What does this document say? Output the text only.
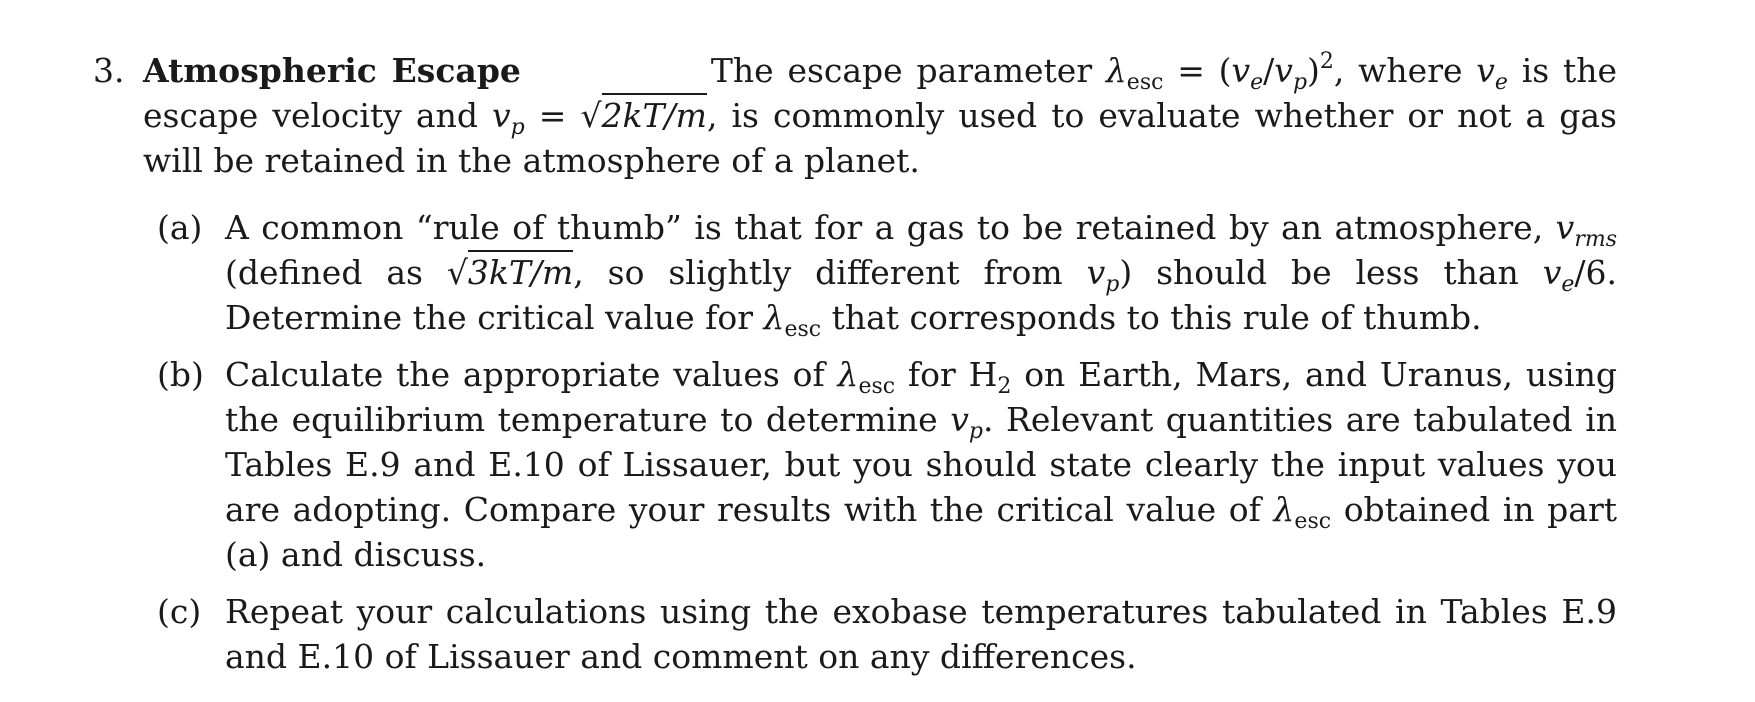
3. Atmospheric Escape	The escape parameter $\lambda_{esc} = (v_e/v_p)^2$, where $v_e$ is the escape velocity and $v_p = √2kT/m$, is commonly used to evaluate whether or not a gas will be retained in the atmosphere of a planet.
(a) A common “rule of thumb” is that for a gas to be retained by an atmosphere, $v_{rms}$ (defined as √3kT/m, so slightly different from $v_p$) should be less than $v_e/6$. Determine the critical value for $\lambda_{esc}$ that corresponds to this rule of thumb.
(b) Calculate the appropriate values of $\lambda_{esc}$ for $H_2$ on Earth, Mars, and Uranus, using the equilibrium temperature to determine $v_p$. Relevant quantities are tabulated in Tables E.9 and E.10 of Lissauer, but you should state clearly the input values you are adopting. Compare your results with the critical value of $\lambda_{esc}$ obtained in part (a) and discuss.
(c) Repeat your calculations using the exobase temperatures tabulated in Tables E.9 and E.10 of Lissauer and comment on any differences.
